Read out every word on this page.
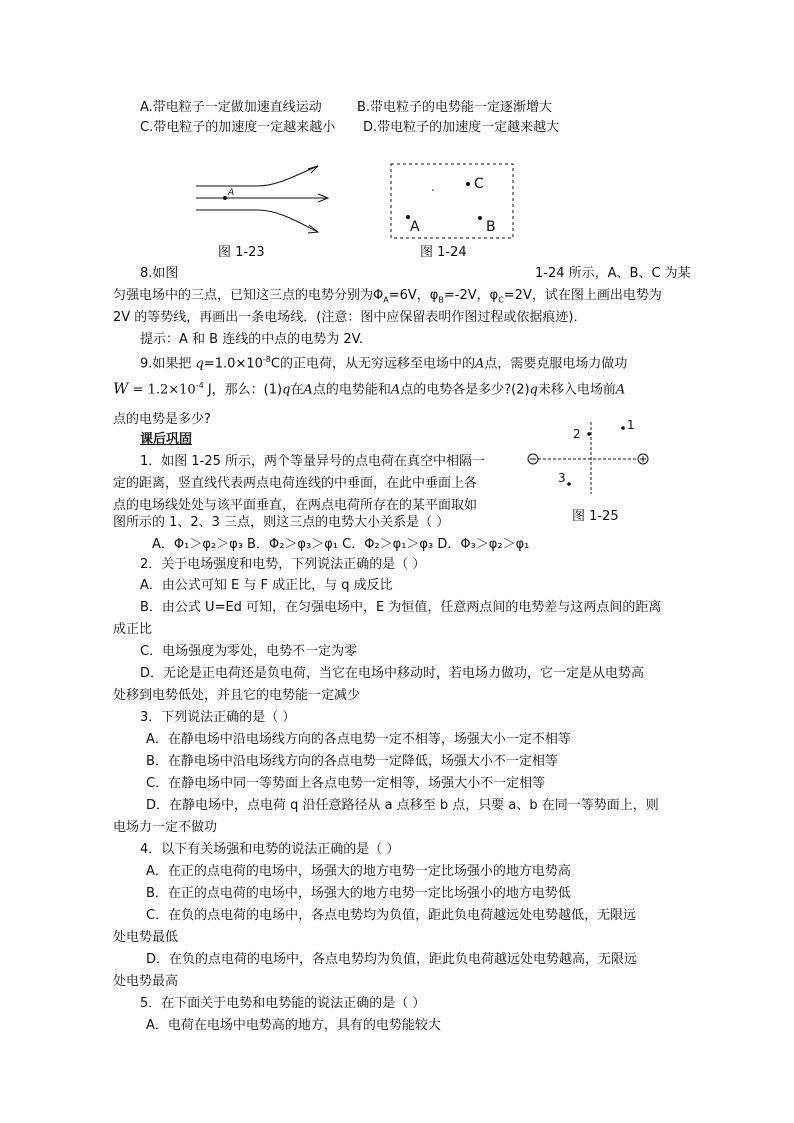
A.带电粒子一定做加速直线运动	B.带电粒子的电势能一定逐渐增大
C.带电粒子的加速度一定越来越小 D.带电粒子的加速度一定越来越大
A
图 1-23
C
A	B
图 1-24
8.如图	1-24 所示，A、B、C 为某
匀强电场中的三点，已知这三点的电势分别为$\Phi_A=6V$，$\varphi_B=-2V$，$\varphi_C=2V$，试在图上画出电势为
2V 的等势线，再画出一条电场线．(注意：图中应保留表明作图过程或依据痕迹)．
提示：A 和 B 连线的中点的电势为 2V.
9.如果把 $q=1.0\times 10^{-8}C$的正电荷，从无穷远移至电场中的A点，需要克服电场力做功
$W = 1.2\times 10^{-4}$ J，那么：(1)q在A点的电势能和A点的电势各是多少?(2)q未移入电场前A
点的电势是多少?
课后巩固	2
1
3
图 1-25
1．如图 1-25 所示，两个等量异号的点电荷在真空中相隔一
定的距离，竖直线代表两点电荷连线的中垂面，在此中垂面上各
点的电场线处处与该平面垂直，在两点电荷所存在的某平面取如
图所示的 1、2、3 三点，则这三点的电势大小关系是（ ）
A．Φ₁＞φ₂＞φ₃ B．Φ₂＞φ₃＞φ₁ C．Φ₂＞φ₁＞φ₃ D．Φ₃＞φ₂＞φ₁
2．关于电场强度和电势，下列说法正确的是（ ）
A．由公式可知 E 与 F 成正比，与 q 成反比
B．由公式 U=Ed 可知，在匀强电场中，E 为恒值，任意两点间的电势差与这两点间的距离
成正比
C．电场强度为零处，电势不一定为零
D．无论是正电荷还是负电荷，当它在电场中移动时，若电场力做功，它一定是从电势高
处移到电势低处，并且它的电势能一定减少
3．下列说法正确的是（ ）
A．在静电场中沿电场线方向的各点电势一定不相等，场强大小一定不相等
B．在静电场中沿电场线方向的各点电势一定降低，场强大小不一定相等
C．在静电场中同一等势面上各点电势一定相等，场强大小不一定相等
D．在静电场中，点电荷 q 沿任意路径从 a 点移至 b 点，只要 a、b 在同一等势面上，则
电场力一定不做功
4．以下有关场强和电势的说法正确的是（ ）
A．在正的点电荷的电场中，场强大的地方电势一定比场强小的地方电势高
B．在正的点电荷的电场中，场强大的地方电势一定比场强小的地方电势低
C．在负的点电荷的电场中，各点电势均为负值，距此负电荷越远处电势越低，无限远
处电势最低
D．在负的点电荷的电场中，各点电势均为负值，距此负电荷越远处电势越高，无限远
处电势最高
5．在下面关于电势和电势能的说法正确的是（ ）
A．电荷在电场中电势高的地方，具有的电势能较大
